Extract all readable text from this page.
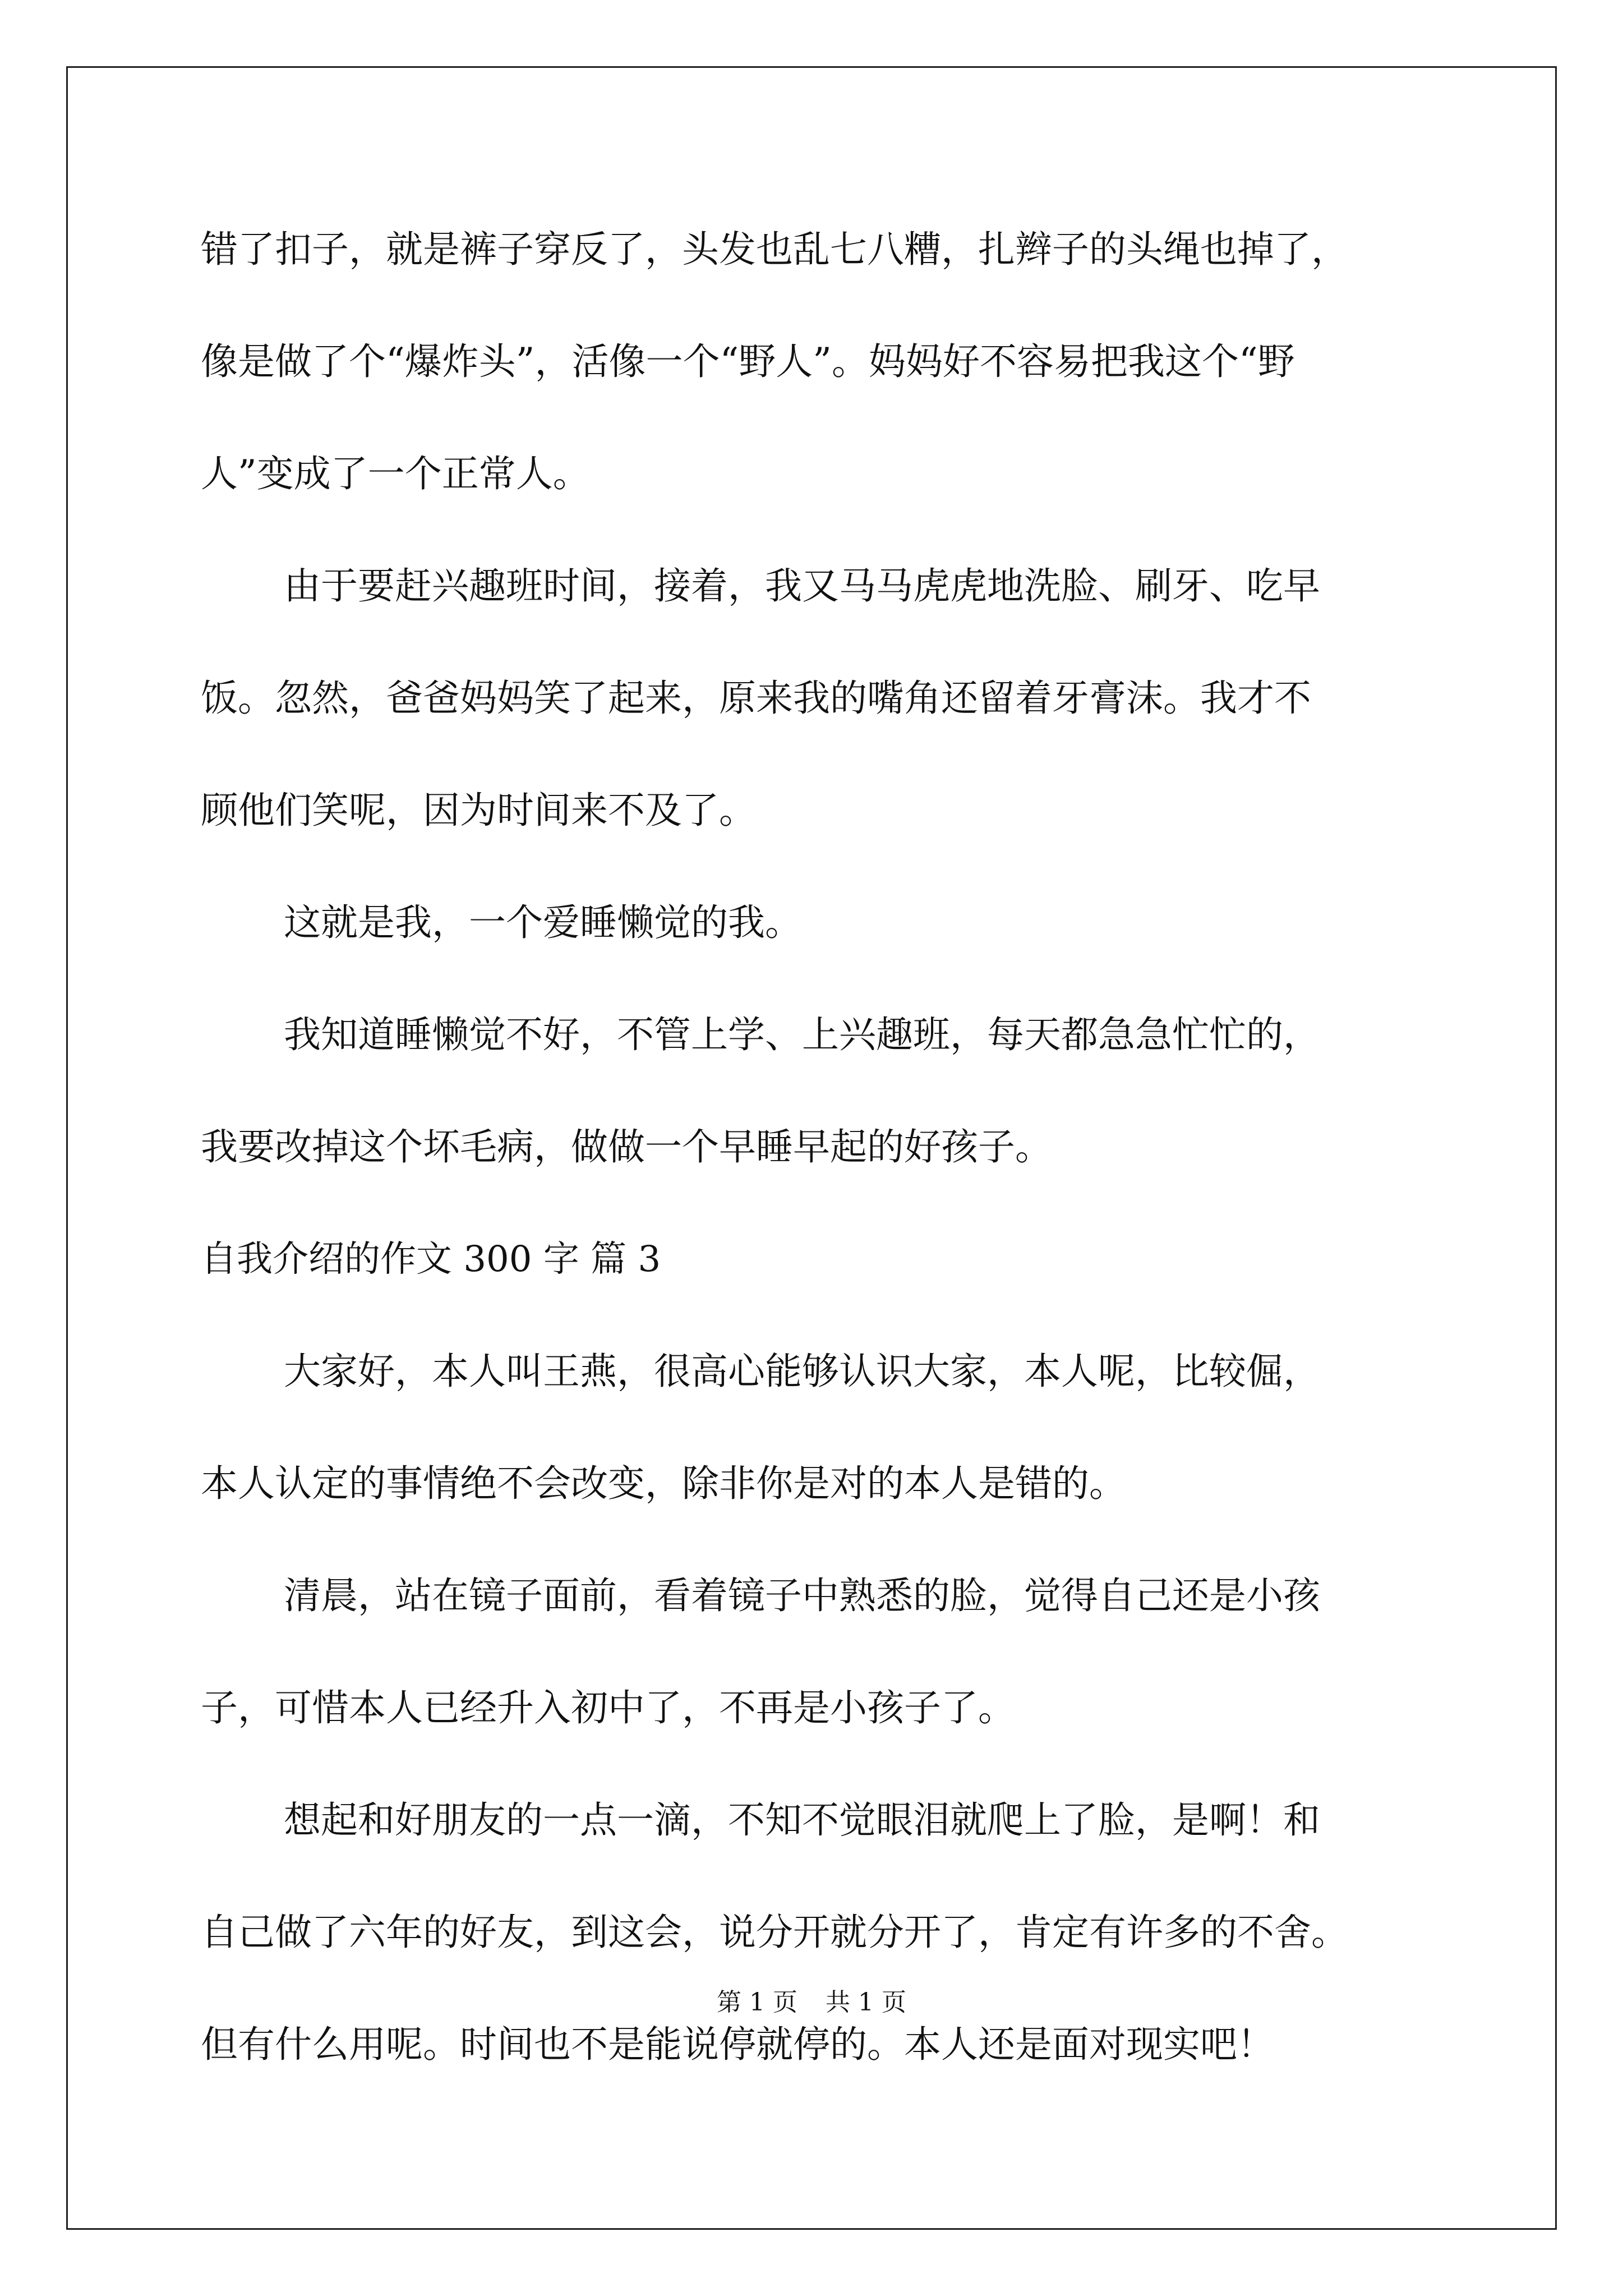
错了扣子，就是裤子穿反了，头发也乱七八糟，扎辫子的头绳也掉了，
像是做了个“爆炸头”，活像一个“野人”。妈妈好不容易把我这个“野
人”变成了一个正常人。
由于要赶兴趣班时间，接着，我又马马虎虎地洗脸、刷牙、吃早
饭。忽然，爸爸妈妈笑了起来，原来我的嘴角还留着牙膏沫。我才不
顾他们笑呢，因为时间来不及了。
这就是我，一个爱睡懒觉的我。
我知道睡懒觉不好，不管上学、上兴趣班，每天都急急忙忙的，
我要改掉这个坏毛病，做做一个早睡早起的好孩子。
自我介绍的作文 300 字 篇 3
大家好，本人叫王燕，很高心能够认识大家，本人呢，比较倔，
本人认定的事情绝不会改变，除非你是对的本人是错的。
清晨，站在镜子面前，看着镜子中熟悉的脸，觉得自己还是小孩
子，可惜本人已经升入初中了，不再是小孩子了。
想起和好朋友的一点一滴，不知不觉眼泪就爬上了脸，是啊！和
自己做了六年的好友，到这会，说分开就分开了，肯定有许多的不舍。
但有什么用呢。时间也不是能说停就停的。本人还是面对现实吧！
第 1 页 共 1 页
